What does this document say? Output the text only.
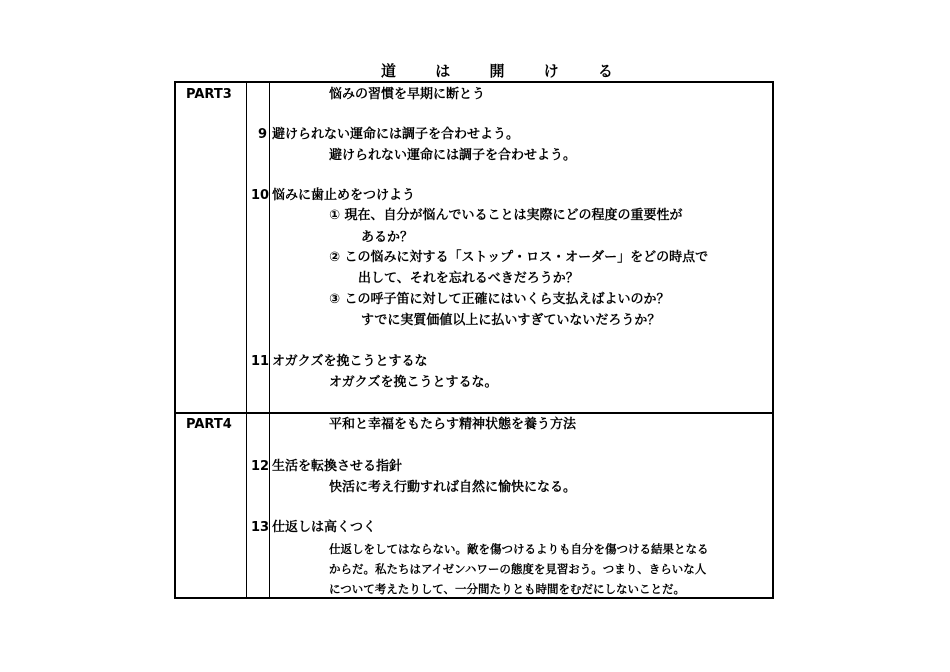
道 は 開 け る
PART3	悩みの習慣を早期に断とう
9 避けられない運命には調子を合わせよう。
避けられない運命には調子を合わせよう。
10 悩みに歯止めをつけよう
① 現在、自分が悩んでいることは実際にどの程度の重要性が
あるか？
② この悩みに対する「ストップ・ロス・オーダー」をどの時点で
出して、それを忘れるべきだろうか？
③ この呼子笛に対して正確にはいくら支払えばよいのか？
すでに実質価値以上に払いすぎていないだろうか？
11 オガクズを挽こうとするな
オガクズを挽こうとするな。
PART4	平和と幸福をもたらす精神状態を養う方法
12 生活を転換させる指針
快活に考え行動すれば自然に愉快になる。
13 仕返しは高くつく
仕返しをしてはならない。敵を傷つけるよりも自分を傷つける結果となる
からだ。私たちはアイゼンハワーの態度を見習おう。つまり、きらいな人
について考えたりして、一分間たりとも時間をむだにしないことだ。
